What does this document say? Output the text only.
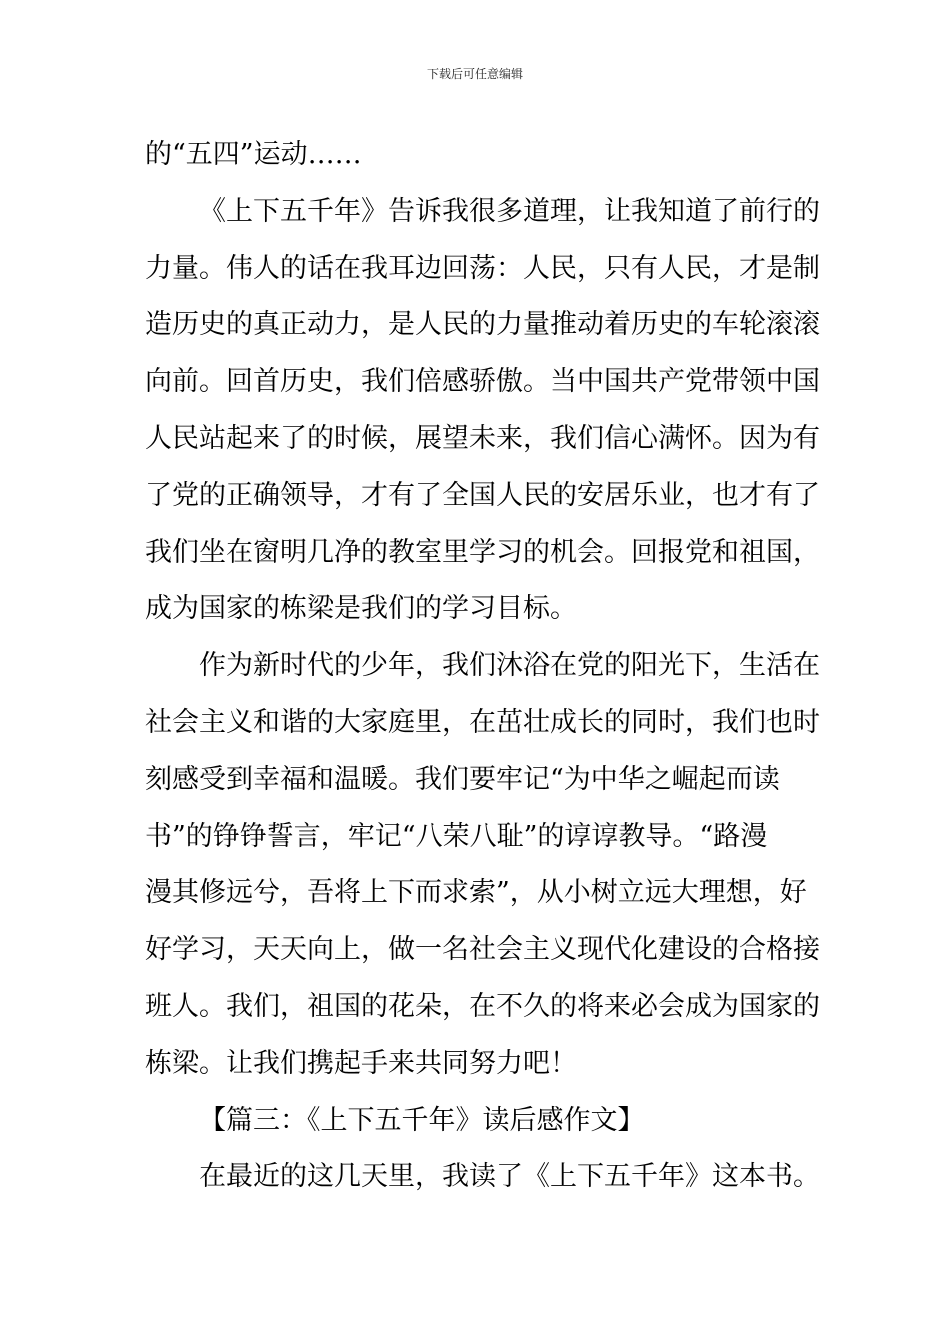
下载后可任意编辑
的“五四”运动……
《上下五千年》告诉我很多道理，让我知道了前行的
力量。伟人的话在我耳边回荡：人民，只有人民，才是制
造历史的真正动力，是人民的力量推动着历史的车轮滚滚
向前。回首历史，我们倍感骄傲。当中国共产党带领中国
人民站起来了的时候，展望未来，我们信心满怀。因为有
了党的正确领导，才有了全国人民的安居乐业，也才有了
我们坐在窗明几净的教室里学习的机会。回报党和祖国，
成为国家的栋梁是我们的学习目标。
作为新时代的少年，我们沐浴在党的阳光下，生活在
社会主义和谐的大家庭里，在茁壮成长的同时，我们也时
刻感受到幸福和温暖。我们要牢记“为中华之崛起而读
书”的铮铮誓言，牢记“八荣八耻”的谆谆教导。“路漫
漫其修远兮，吾将上下而求索”，从小树立远大理想，好
好学习，天天向上，做一名社会主义现代化建设的合格接
班人。我们，祖国的花朵，在不久的将来必会成为国家的
栋梁。让我们携起手来共同努力吧！
【篇三：《上下五千年》读后感作文】
在最近的这几天里，我读了《上下五千年》这本书。
